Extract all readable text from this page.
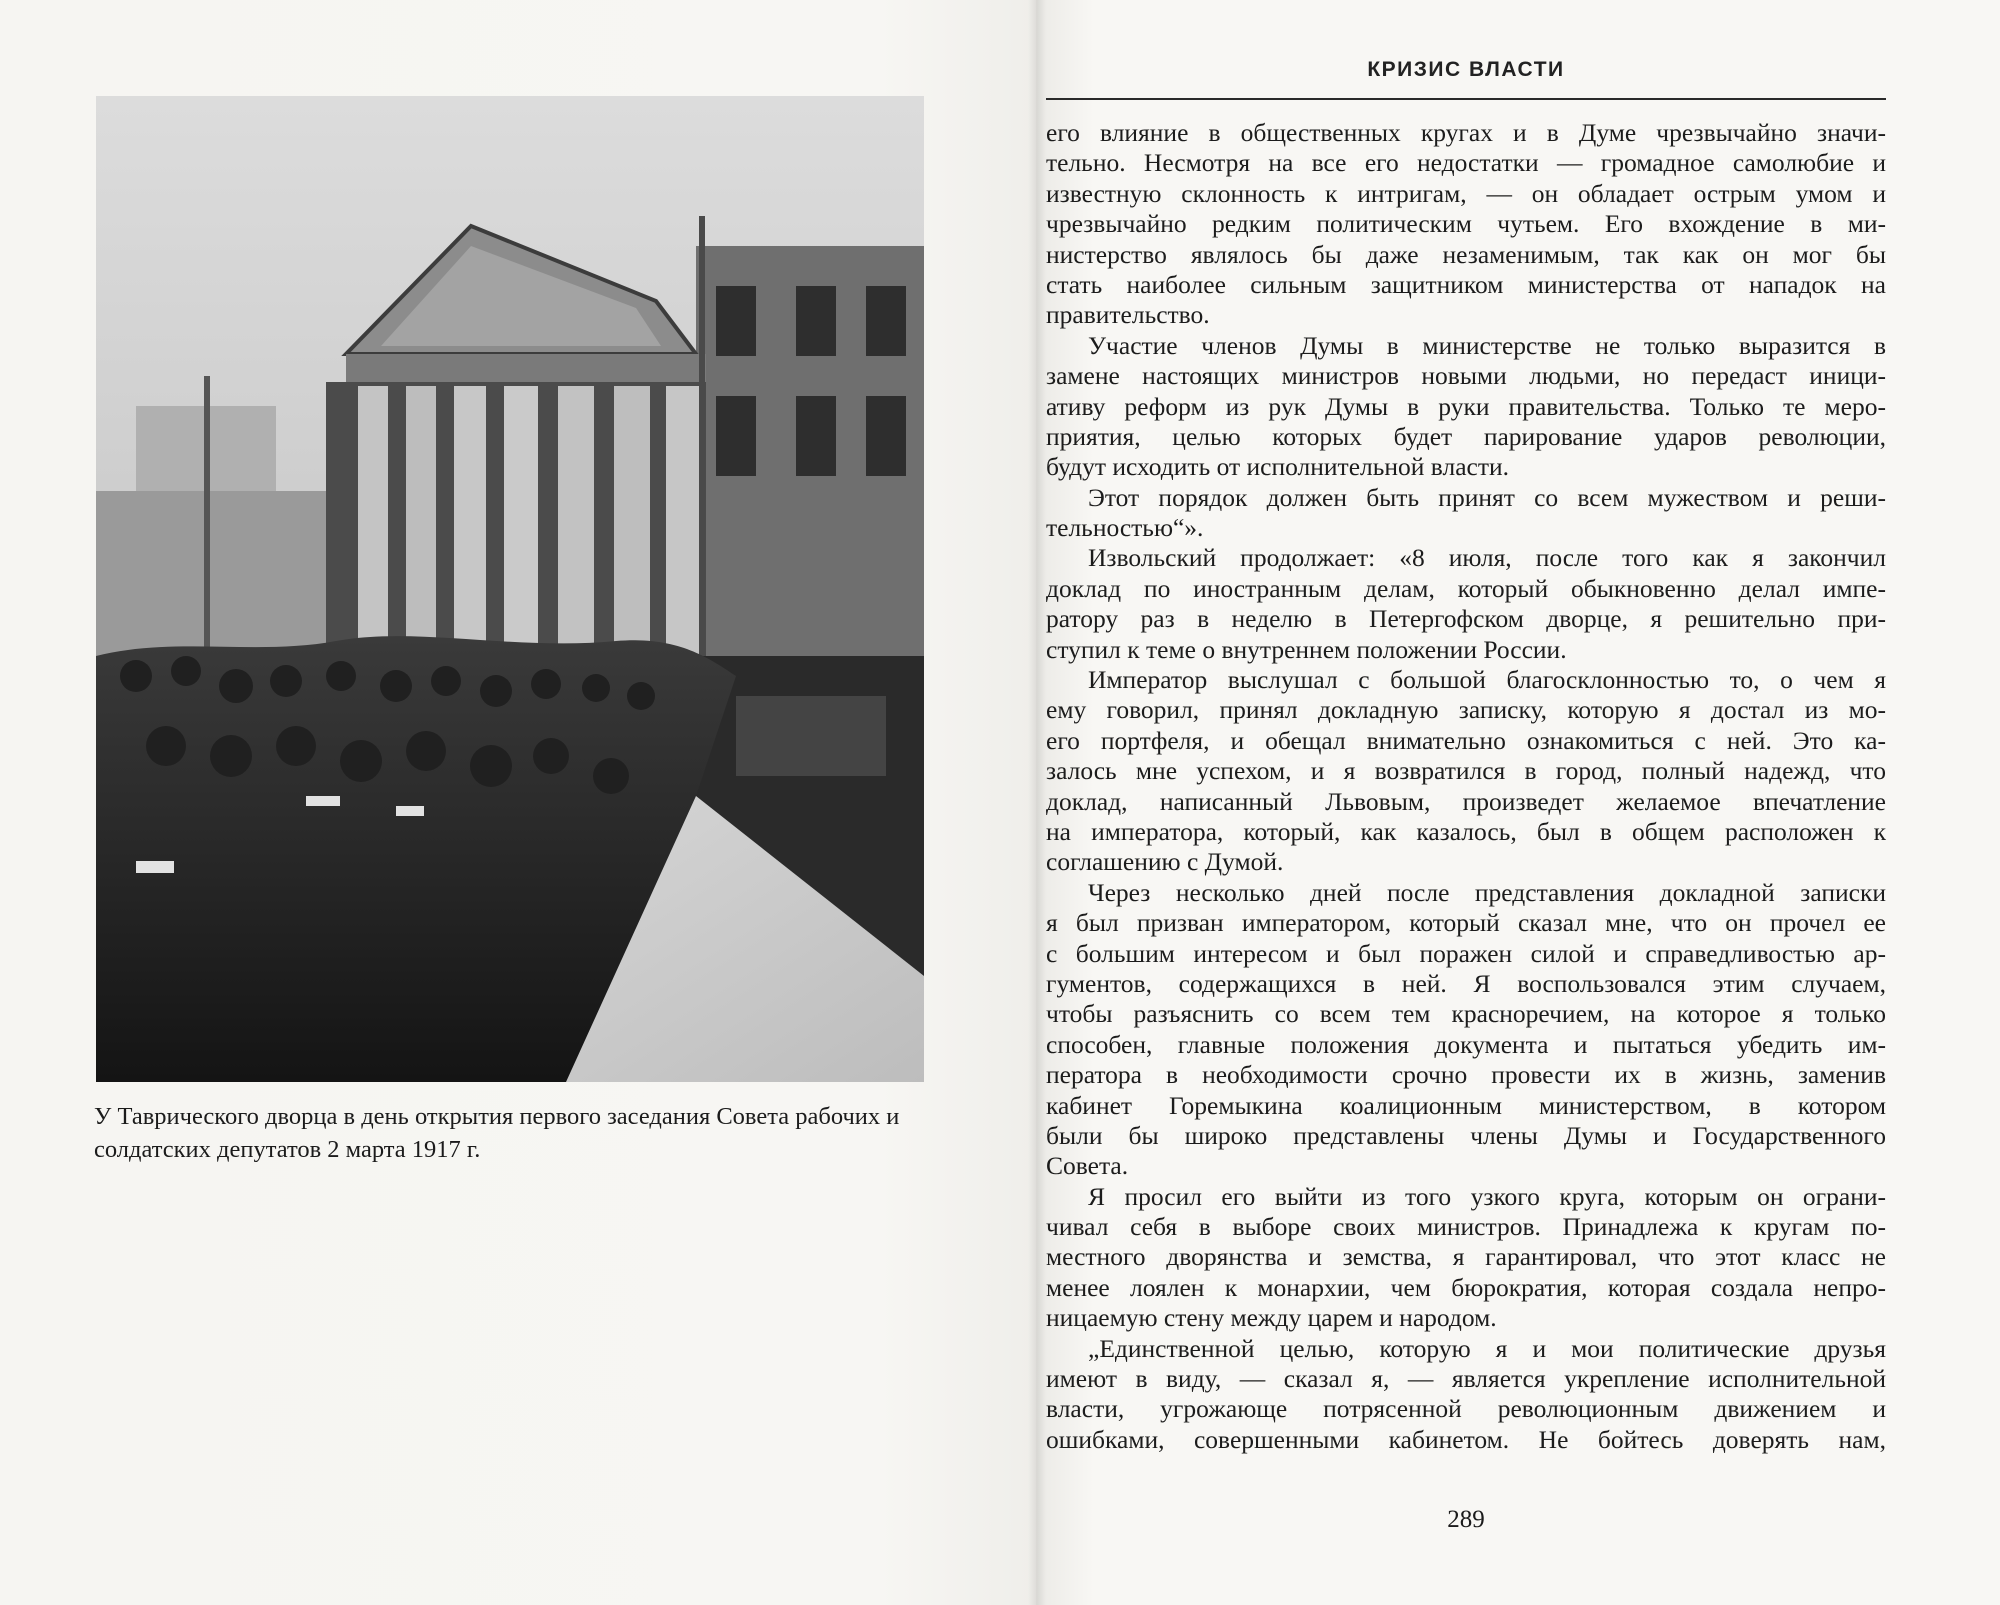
У Таврического дворца в день открытия первого заседания Совета рабочих и
солдатских депутатов 2 марта 1917 г.
КРИЗИС ВЛАСТИ
его влияние в общественных кругах и в Думе чрезвычайно значи-
тельно. Несмотря на все его недостатки — громадное самолюбие и
известную склонность к интригам, — он обладает острым умом и
чрезвычайно редким политическим чутьем. Его вхождение в ми-
нистерство являлось бы даже незаменимым, так как он мог бы
стать наиболее сильным защитником министерства от нападок на
правительство.
Участие членов Думы в министерстве не только выразится в
замене настоящих министров новыми людьми, но передаст иници-
ативу реформ из рук Думы в руки правительства. Только те меро-
приятия, целью которых будет парирование ударов революции,
будут исходить от исполнительной власти.
Этот порядок должен быть принят со всем мужеством и реши-
тельностью“».
Извольский продолжает: «8 июля, после того как я закончил
доклад по иностранным делам, который обыкновенно делал импе-
ратору раз в неделю в Петергофском дворце, я решительно при-
ступил к теме о внутреннем положении России.
Император выслушал с большой благосклонностью то, о чем я
ему говорил, принял докладную записку, которую я достал из мо-
его портфеля, и обещал внимательно ознакомиться с ней. Это ка-
залось мне успехом, и я возвратился в город, полный надежд, что
доклад, написанный Львовым, произведет желаемое впечатление
на императора, который, как казалось, был в общем расположен к
соглашению с Думой.
Через несколько дней после представления докладной записки
я был призван императором, который сказал мне, что он прочел ее
с большим интересом и был поражен силой и справедливостью ар-
гументов, содержащихся в ней. Я воспользовался этим случаем,
чтобы разъяснить со всем тем красноречием, на которое я только
способен, главные положения документа и пытаться убедить им-
ператора в необходимости срочно провести их в жизнь, заменив
кабинет Горемыкина коалиционным министерством, в котором
были бы широко представлены члены Думы и Государственного
Совета.
Я просил его выйти из того узкого круга, которым он ограни-
чивал себя в выборе своих министров. Принадлежа к кругам по-
местного дворянства и земства, я гарантировал, что этот класс не
менее лоялен к монархии, чем бюрократия, которая создала непро-
ницаемую стену между царем и народом.
„Единственной целью, которую я и мои политические друзья
имеют в виду, — сказал я, — является укрепление исполнительной
власти, угрожающе потрясенной революционным движением и
ошибками, совершенными кабинетом. Не бойтесь доверять нам,
289
